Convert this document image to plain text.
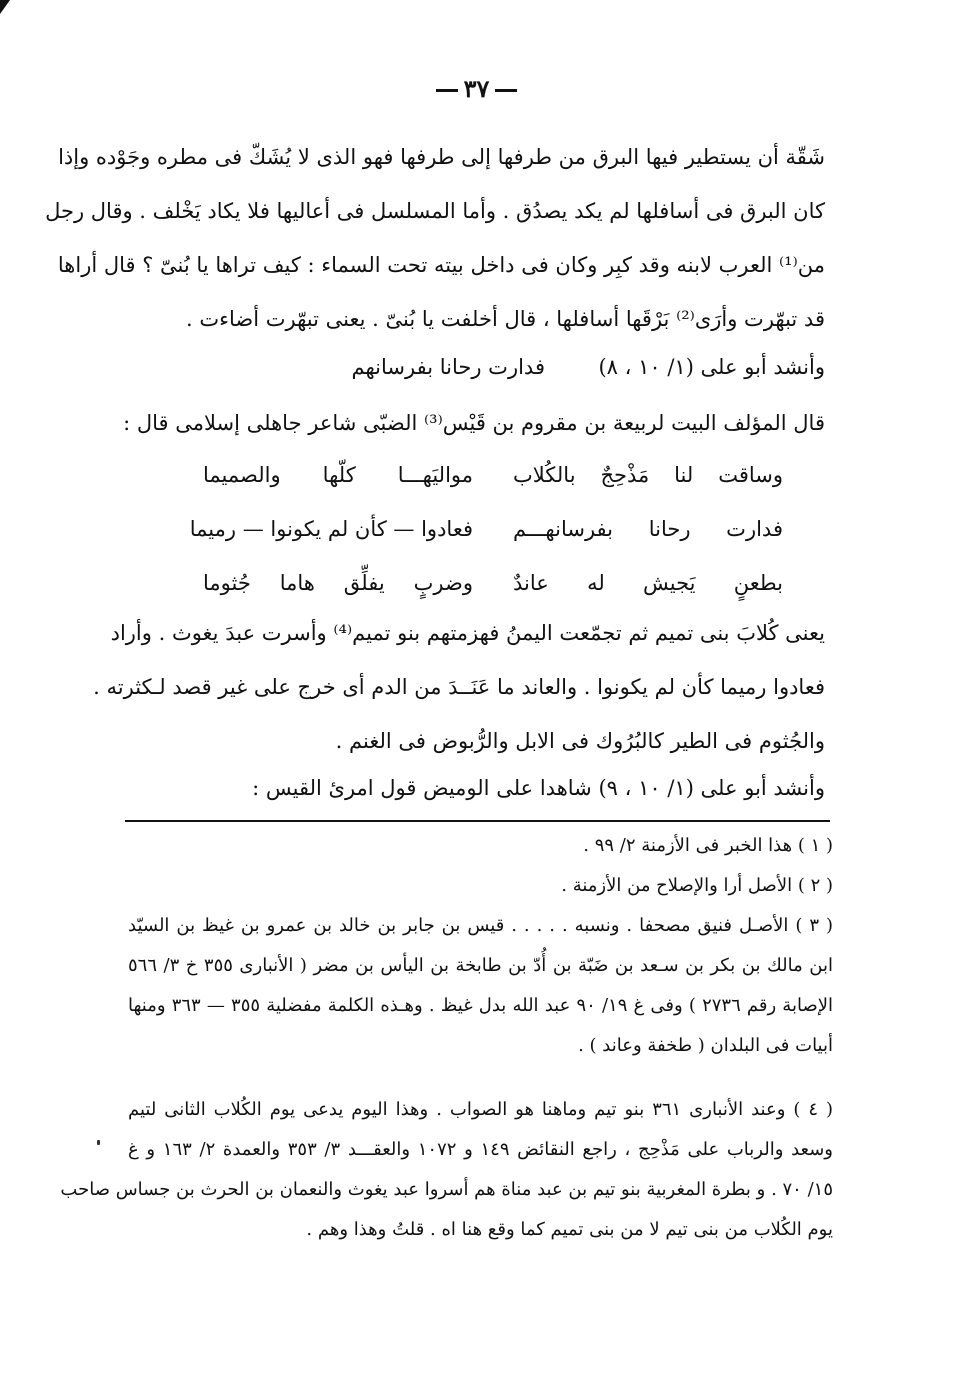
٣٧
شَقّة أن يستطير فيها البرق من طرفها إلى طرفها فهو الذى لا يُشَكّ فى مطره وجَوْده وإذا
كان البرق فى أسافلها لم يكد يصدُق . وأما المسلسل فى أعاليها فلا يكاد يَخْلف . وقال رجل
من⁽¹⁾ العرب لابنه وقد كبِر وكان فى داخل بيته تحت السماء : كيف تراها يا بُنىّ ؟ قال أراها
قد تبهّرت وأرَى⁽²⁾ بَرْقَها أسافلها ، قال أخلفت يا بُنىّ . يعنى تبهّرت أضاءت .
وأنشد أبو على (١/ ١٠ ، ٨)
فدارت رحانا بفرسانهم
قال المؤلف البيت لربيعة بن مقروم بن قَيْس⁽³⁾ الضبّى شاعر جاهلى إسلامى قال :
وساقت لنا مَذْحِجٌ بالكُلاب
مواليَهـــا كلّها والصميما
فدارت رحانا بفرسانهـــم
فعادوا — كأن لم يكونوا — رميما
بطعنٍ يَجيش له عاندٌ
وضربٍ يفلِّق هاما جُثوما
يعنى كُلابَ بنى تميم ثم تجمّعت اليمنُ فهزمتهم بنو تميم⁽⁴⁾ وأسرت عبدَ يغوث . وأراد
فعادوا رميما كأن لم يكونوا . والعاند ما عَنَــدَ من الدم أى خرج على غير قصد لـكثرته .
والجُثوم فى الطير كالبُرُوك فى الابل والرُّبوض فى الغنم .
وأنشد أبو على (١/ ١٠ ، ٩) شاهدا على الوميض قول امرئ القيس :
( ١ ) هذا الخبر فى الأزمنة ٢/ ٩٩ .
( ٢ ) الأصل أرا والإصلاح من الأزمنة .
( ٣ ) الأصـل فنيق مصحفا . ونسبه . . . . . قيس بن جابر بن خالد بن عمرو بن غيظ بن السيّد
ابن مالك بن بكر بن سـعد بن ضَبّة بن أُدّ بن طابخة بن اليأس بن مضر ( الأنبارى ٣٥٥ خ ٣/ ٥٦٦
الإصابة رقم ٢٧٣٦ ) وفى غ ١٩/ ٩٠ عبد الله بدل غيظ . وهـذه الكلمة مفضلية ٣٥٥ — ٣٦٣ ومنها
أبيات فى البلدان ( طخفة وعاند ) .
( ٤ ) وعند الأنبارى ٣٦١ بنو تيم وماهنا هو الصواب . وهذا اليوم يدعى يوم الكُلاب الثانى لتيم
وسعد والرباب على مَذْحِج ، راجع النقائض ١٤٩ و ١٠٧٢ والعقـــد ٣/ ٣٥٣ والعمدة ٢/ ١٦٣ و غ
١٥/ ٧٠ . و بطرة المغربية بنو تيم بن عبد مناة هم أسروا عبد يغوث والنعمان بن الحرث بن جساس صاحب
يوم الكُلاب من بنى تيم لا من بنى تميم كما وقع هنا اه . قلتُ وهذا وهم .
